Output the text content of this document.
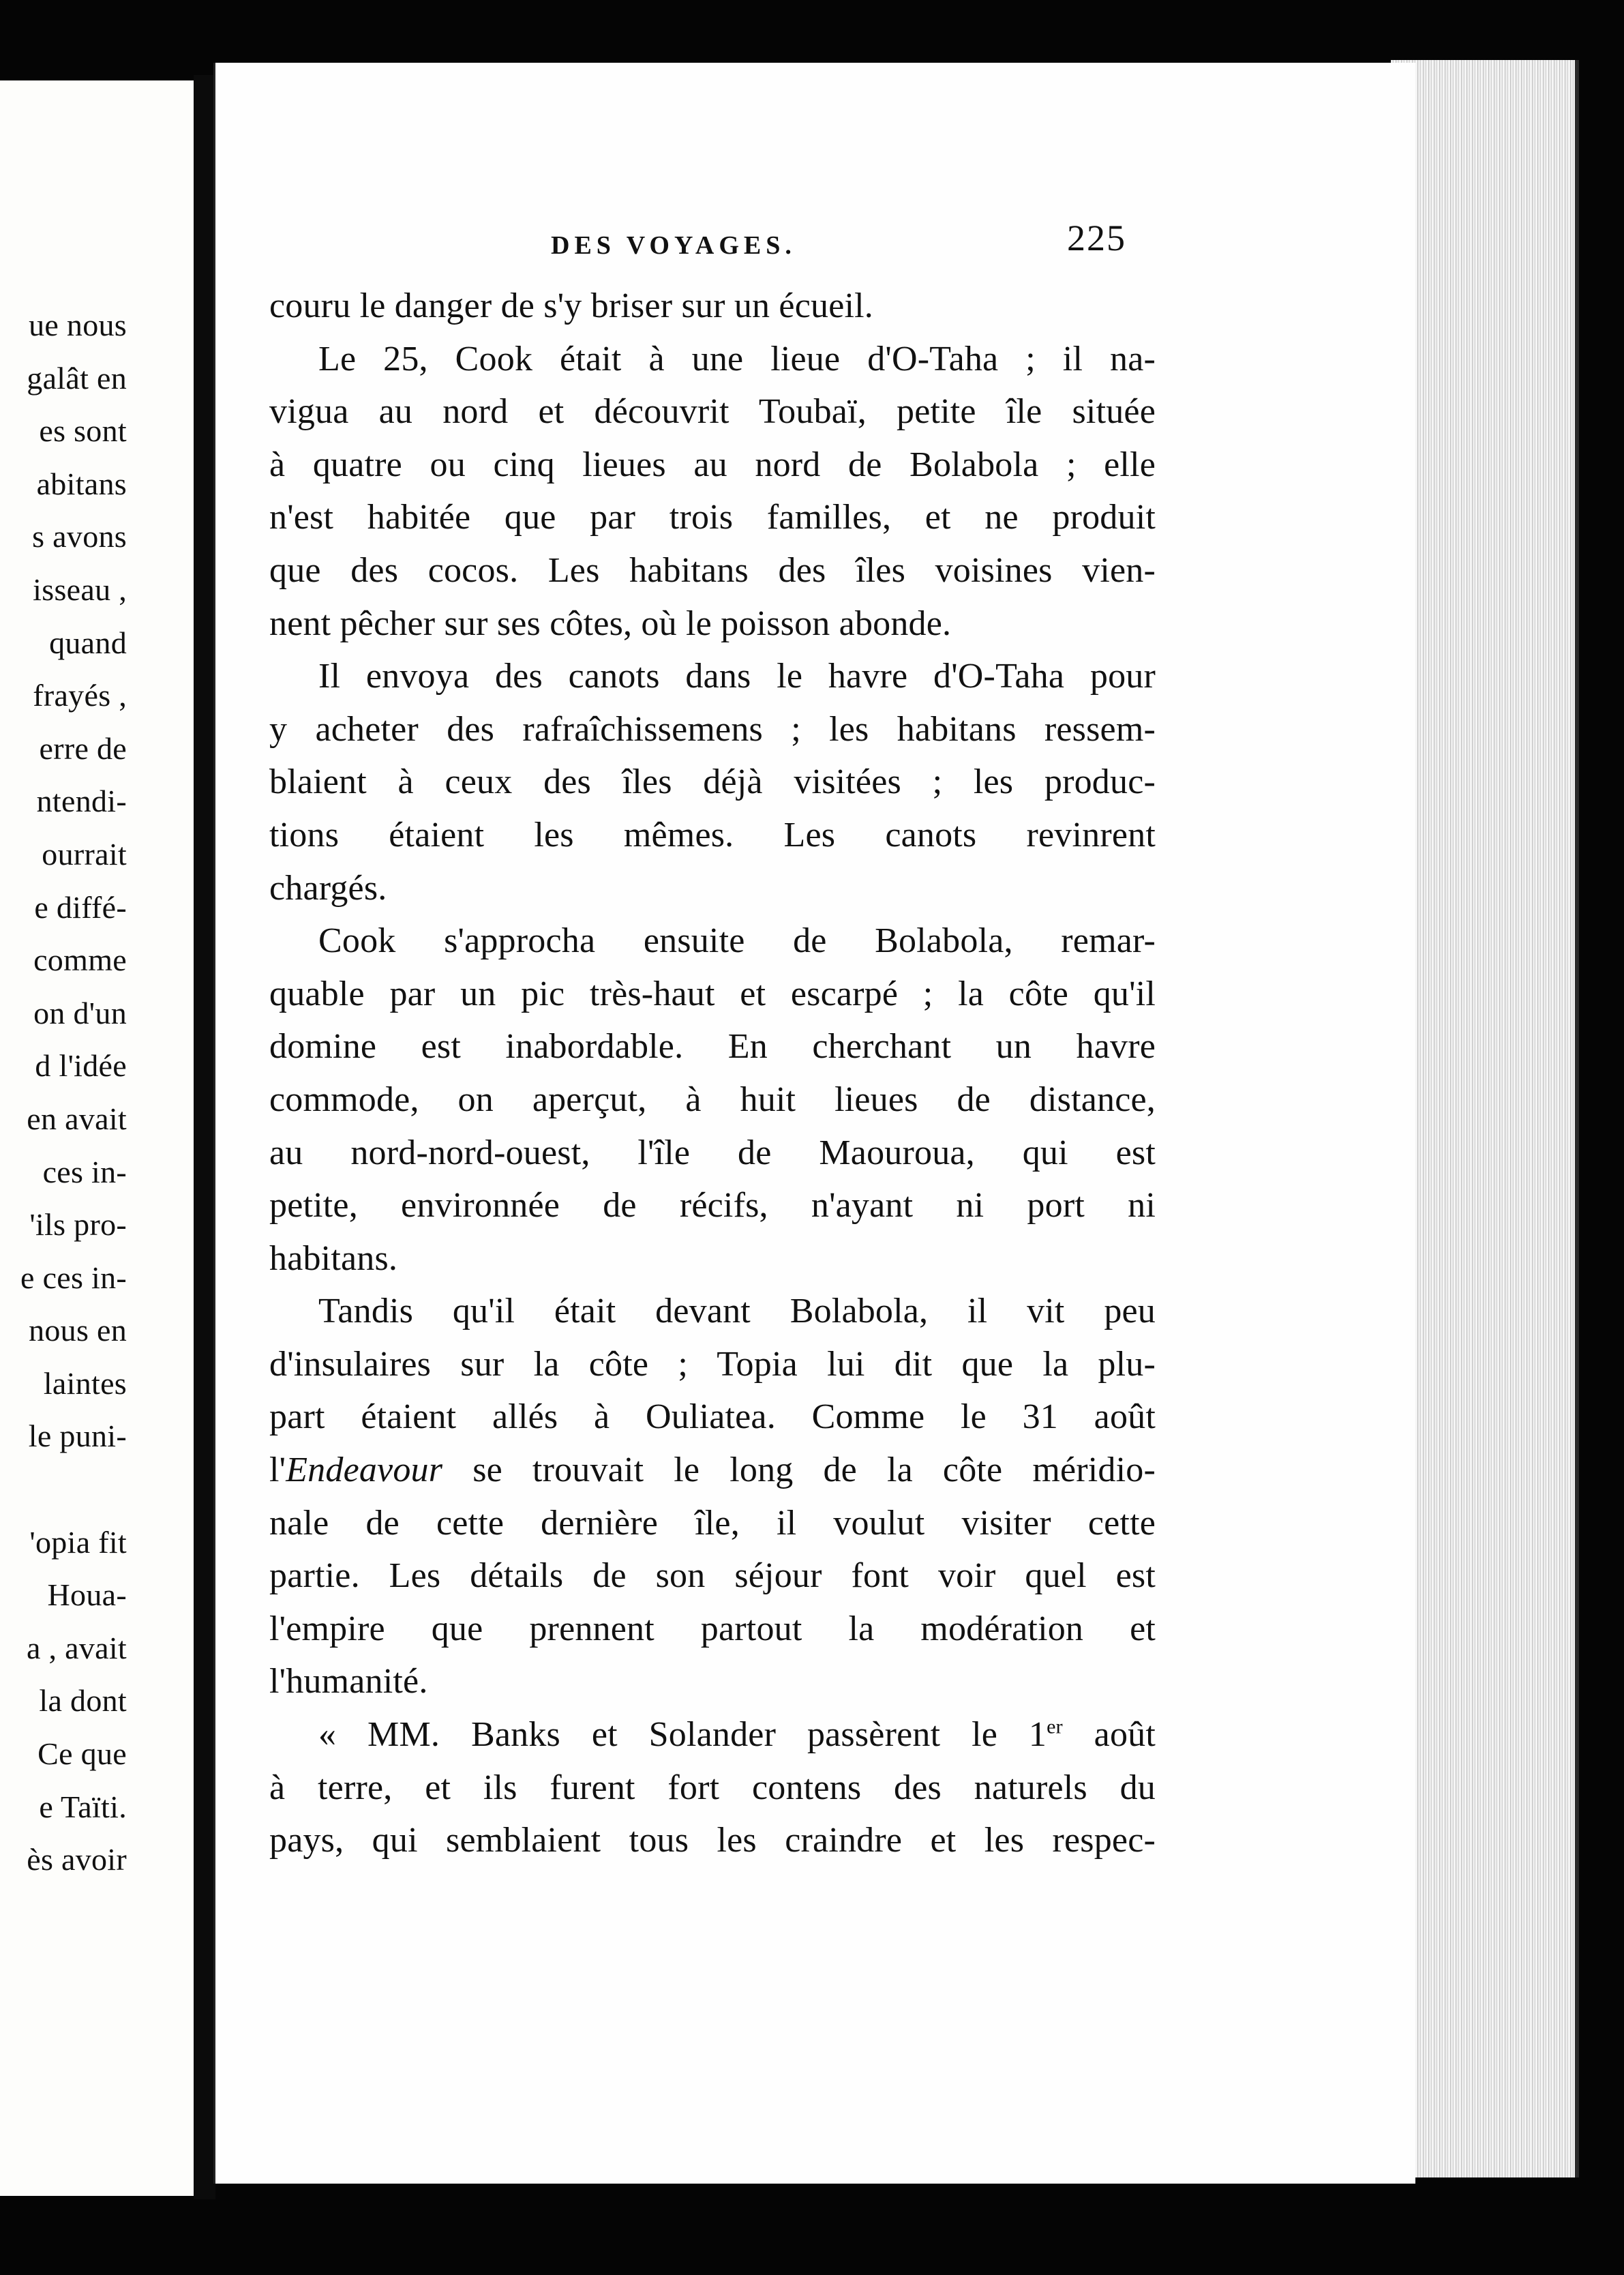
ue nous
galât en
es sont
abitans
s avons
isseau ,
quand
frayés ,
erre de
ntendi-
ourrait
e diffé-
comme
on d'un
d l'idée
en avait
ces in-
'ils pro-
e ces in-
nous en
laintes
le puni-
'opia fit
Houa-
a , avait
la dont
Ce que
e Taïti.
ès avoir
DES VOYAGES.	225
couru le danger de s'y briser sur un écueil.
Le 25, Cook était à une lieue d'O-Taha ; il na-
vigua au nord et découvrit Toubaï, petite île située
à quatre ou cinq lieues au nord de Bolabola ; elle
n'est habitée que par trois familles, et ne produit
que des cocos. Les habitans des îles voisines vien-
nent pêcher sur ses côtes, où le poisson abonde.
Il envoya des canots dans le havre d'O-Taha pour
y acheter des rafraîchissemens ; les habitans ressem-
blaient à ceux des îles déjà visitées ; les produc-
tions étaient les mêmes. Les canots revinrent
chargés.
Cook s'approcha ensuite de Bolabola, remar-
quable par un pic très-haut et escarpé ; la côte qu'il
domine est inabordable. En cherchant un havre
commode, on aperçut, à huit lieues de distance,
au nord-nord-ouest, l'île de Maouroua, qui est
petite, environnée de récifs, n'ayant ni port ni
habitans.
Tandis qu'il était devant Bolabola, il vit peu
d'insulaires sur la côte ; Topia lui dit que la plu-
part étaient allés à Ouliatea. Comme le 31 août
l'Endeavour se trouvait le long de la côte méridio-
nale de cette dernière île, il voulut visiter cette
partie. Les détails de son séjour font voir quel est
l'empire que prennent partout la modération et
l'humanité.
« MM. Banks et Solander passèrent le 1er août
à terre, et ils furent fort contens des naturels du
pays, qui semblaient tous les craindre et les respec-
